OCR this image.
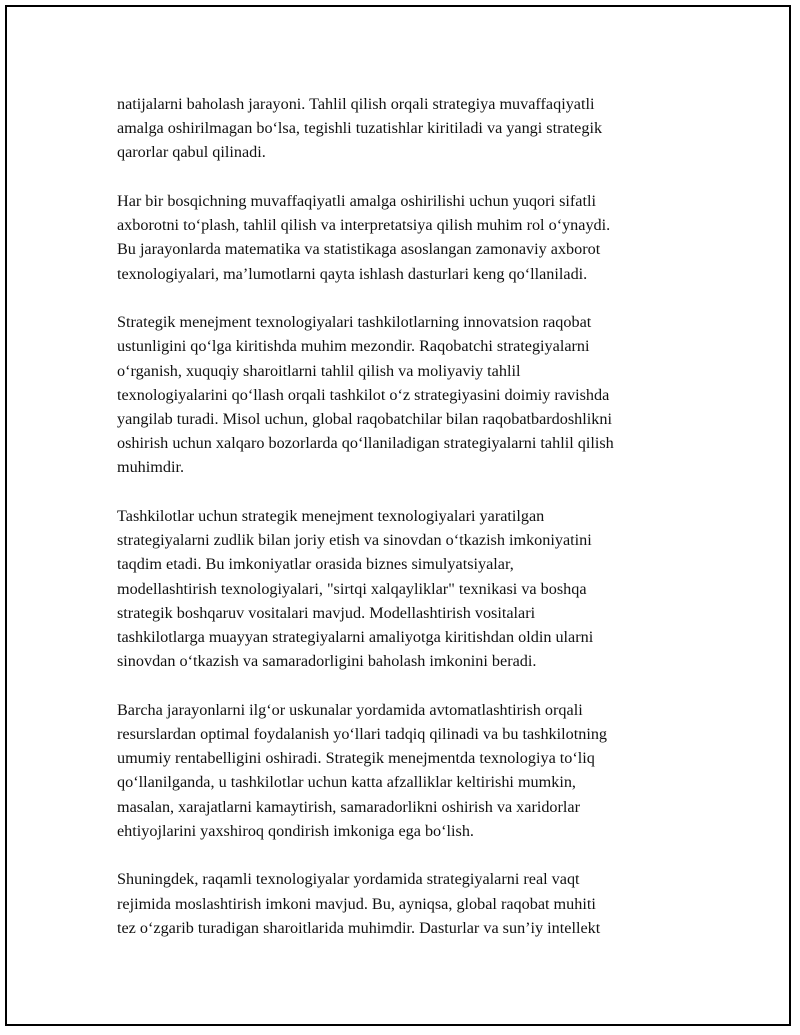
natijalarni baholash jarayoni. Tahlil qilish orqali strategiya muvaffaqiyatli
amalga oshirilmagan bo‘lsa, tegishli tuzatishlar kiritiladi va yangi strategik
qarorlar qabul qilinadi.

Har bir bosqichning muvaffaqiyatli amalga oshirilishi uchun yuqori sifatli
axborotni to‘plash, tahlil qilish va interpretatsiya qilish muhim rol o‘ynaydi.
Bu jarayonlarda matematika va statistikaga asoslangan zamonaviy axborot
texnologiyalari, ma’lumotlarni qayta ishlash dasturlari keng qo‘llaniladi.

Strategik menejment texnologiyalari tashkilotlarning innovatsion raqobat
ustunligini qo‘lga kiritishda muhim mezondir. Raqobatchi strategiyalarni
o‘rganish, xuquqiy sharoitlarni tahlil qilish va moliyaviy tahlil
texnologiyalarini qo‘llash orqali tashkilot o‘z strategiyasini doimiy ravishda
yangilab turadi. Misol uchun, global raqobatchilar bilan raqobatbardoshlikni
oshirish uchun xalqaro bozorlarda qo‘llaniladigan strategiyalarni tahlil qilish
muhimdir.

Tashkilotlar uchun strategik menejment texnologiyalari yaratilgan
strategiyalarni zudlik bilan joriy etish va sinovdan o‘tkazish imkoniyatini
taqdim etadi. Bu imkoniyatlar orasida biznes simulyatsiyalar,
modellashtirish texnologiyalari, "sirtqi xalqayliklar" texnikasi va boshqa
strategik boshqaruv vositalari mavjud. Modellashtirish vositalari
tashkilotlarga muayyan strategiyalarni amaliyotga kiritishdan oldin ularni
sinovdan o‘tkazish va samaradorligini baholash imkonini beradi.

Barcha jarayonlarni ilg‘or uskunalar yordamida avtomatlashtirish orqali
resurslardan optimal foydalanish yo‘llari tadqiq qilinadi va bu tashkilotning
umumiy rentabelligini oshiradi. Strategik menejmentda texnologiya to‘liq
qo‘llanilganda, u tashkilotlar uchun katta afzalliklar keltirishi mumkin,
masalan, xarajatlarni kamaytirish, samaradorlikni oshirish va xaridorlar
ehtiyojlarini yaxshiroq qondirish imkoniga ega bo‘lish.

Shuningdek, raqamli texnologiyalar yordamida strategiyalarni real vaqt
rejimida moslashtirish imkoni mavjud. Bu, ayniqsa, global raqobat muhiti
tez o‘zgarib turadigan sharoitlarida muhimdir. Dasturlar va sun’iy intellekt
